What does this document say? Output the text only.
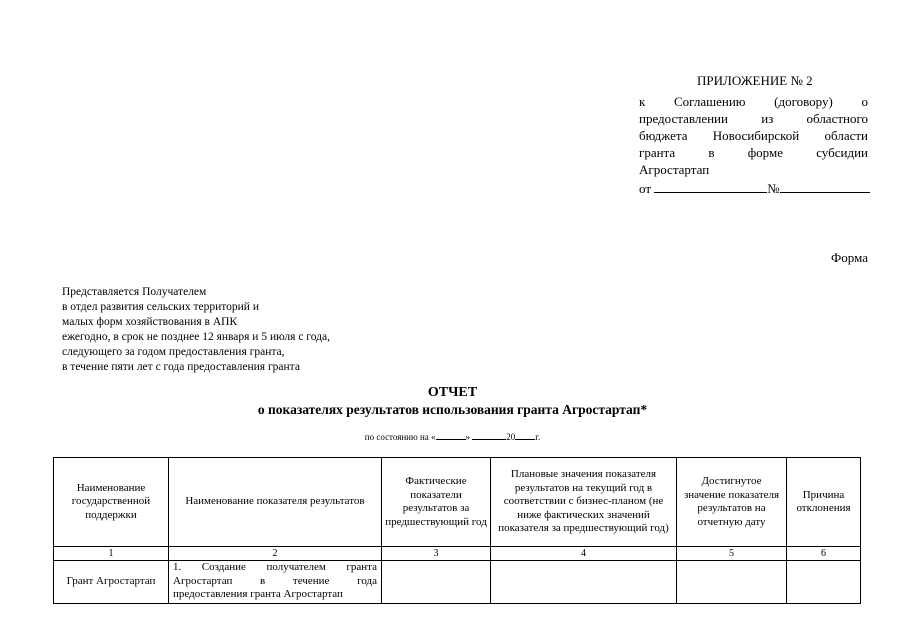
ПРИЛОЖЕНИЕ № 2
к Соглашению (договору) о
предоставлении из областного
бюджета Новосибирской области
гранта в форме субсидии
Агростартап
от	№
Форма
Представляется Получателем
в отдел развития сельских территорий и
малых форм хозяйствования в АПК
ежегодно, в срок не позднее 12 января и 5 июля с года,
следующего за годом предоставления гранта,
в течение пяти лет с года предоставления гранта
ОТЧЕТ
о показателях результатов использования гранта Агростартап*
по состоянию на «	»	20 г.
Наименование государственной поддержки	Наименование показателя результатов	Фактические показатели результатов за предшествующий год	Плановые значения показателя результатов на текущий год в соответствии с бизнес-планом (не ниже фактических значений показателя за предшествующий год)	Достигнутое значение показателя результатов на отчетную дату	Причина отклонения
1	2	3	4	5	6
Грант Агростартап	1. Создание получателем гранта
Агростартап в течение года
предоставления гранта Агростартап				
